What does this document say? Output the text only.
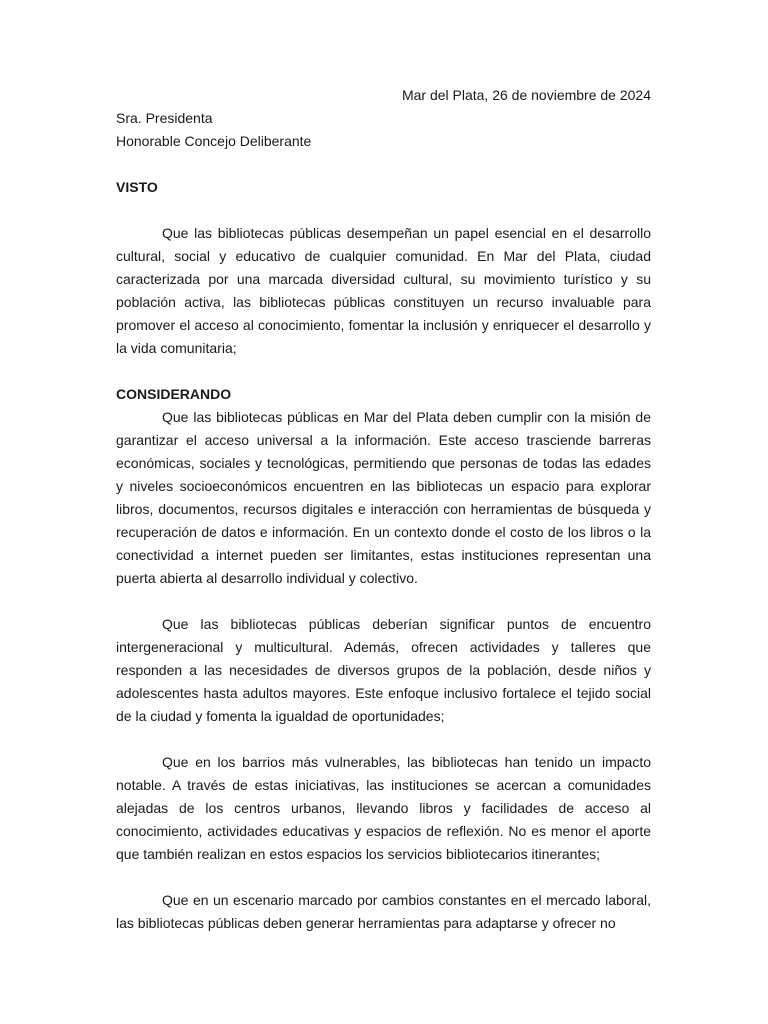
Mar del Plata, 26 de noviembre de 2024

Sra. Presidenta

Honorable Concejo Deliberante

VISTO

Que las bibliotecas públicas desempeñan un papel esencial en el desarrollo cultural, social y educativo de cualquier comunidad. En Mar del Plata, ciudad caracterizada por una marcada diversidad cultural, su movimiento turístico y su población activa, las bibliotecas públicas constituyen un recurso invaluable para promover el acceso al conocimiento, fomentar la inclusión y enriquecer el desarrollo y la vida comunitaria;

CONSIDERANDO

Que las bibliotecas públicas en Mar del Plata deben cumplir con la misión de garantizar el acceso universal a la información. Este acceso trasciende barreras económicas, sociales y tecnológicas, permitiendo que personas de todas las edades y niveles socioeconómicos encuentren en las bibliotecas un espacio para explorar libros, documentos, recursos digitales e interacción con herramientas de búsqueda y recuperación de datos e información. En un contexto donde el costo de los libros o la conectividad a internet pueden ser limitantes, estas instituciones representan una puerta abierta al desarrollo individual y colectivo.

Que las bibliotecas públicas deberían significar puntos de encuentro intergeneracional y multicultural. Además, ofrecen actividades y talleres que responden a las necesidades de diversos grupos de la población, desde niños y adolescentes hasta adultos mayores. Este enfoque inclusivo fortalece el tejido social de la ciudad y fomenta la igualdad de oportunidades;

Que en los barrios más vulnerables, las bibliotecas han tenido un impacto notable. A través de estas iniciativas, las instituciones se acercan a comunidades alejadas de los centros urbanos, llevando libros y facilidades de acceso al conocimiento, actividades educativas y espacios de reflexión. No es menor el aporte que también realizan en estos espacios los servicios bibliotecarios itinerantes;

Que en un escenario marcado por cambios constantes en el mercado laboral, las bibliotecas públicas deben generar herramientas para adaptarse y ofrecer no
